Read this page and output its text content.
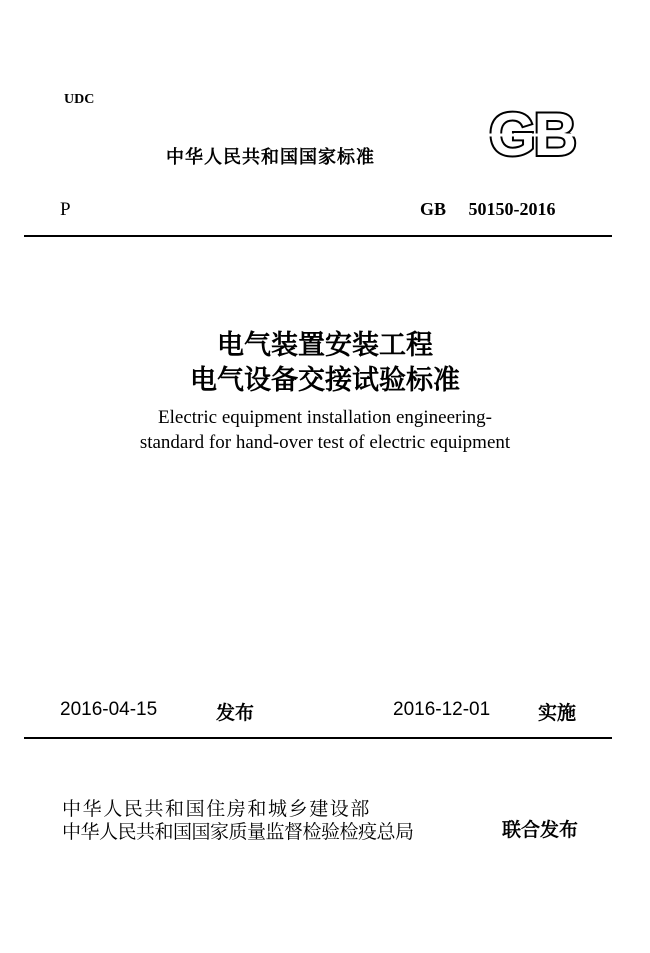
UDC
中华人民共和国国家标准 GB
P	GB 50150-2016
电气装置安装工程
电气设备交接试验标准
Electric equipment installation engineering-
standard for hand-over test of electric equipment
2016-04-15	发布	2016-12-01	实施
中华人民共和国住房和城乡建设部
中华人民共和国国家质量监督检验检疫总局	联合发布
